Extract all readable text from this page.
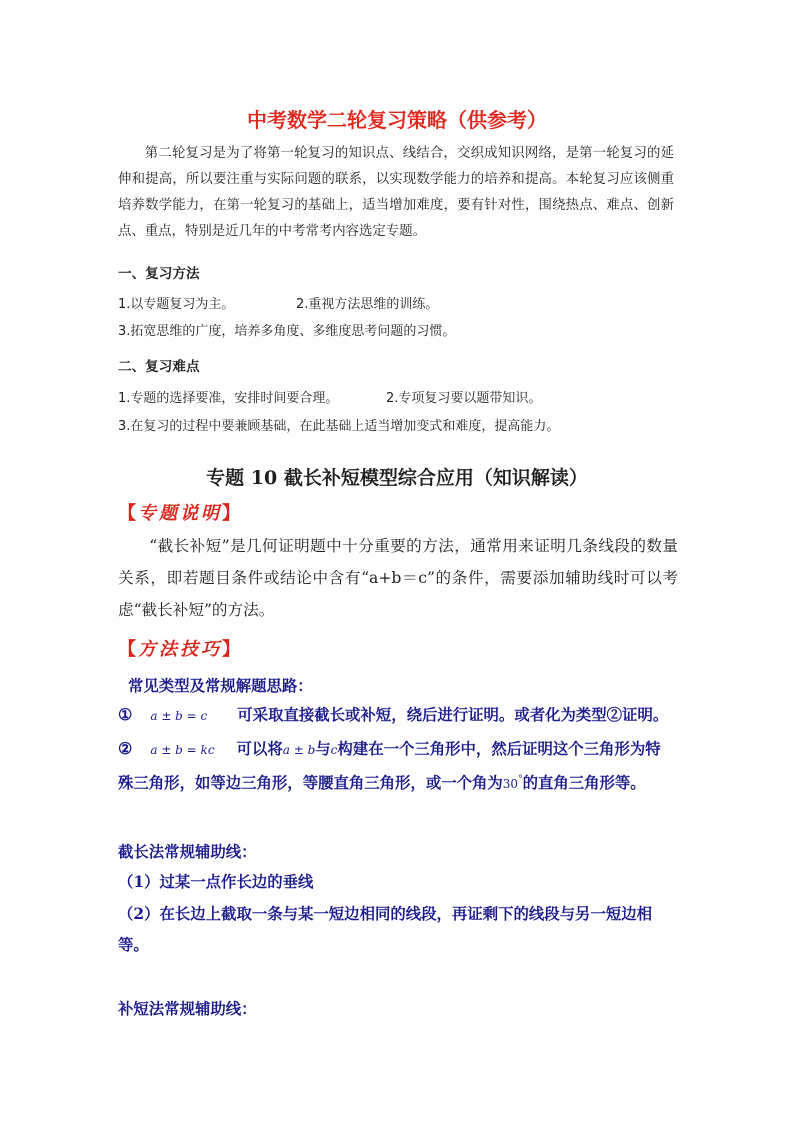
中考数学二轮复习策略（供参考）

第二轮复习是为了将第一轮复习的知识点、线结合，交织成知识网络，是第一轮复习的延伸和提高，所以要注重与实际问题的联系，以实现数学能力的培养和提高。本轮复习应该侧重培养数学能力，在第一轮复习的基础上，适当增加难度，要有针对性，围绕热点、难点、创新点、重点，特别是近几年的中考常考内容选定专题。

一、复习方法
1.以专题复习为主。	2.重视方法思维的训练。
3.拓宽思维的广度，培养多角度、多维度思考问题的习惯。
二、复习难点
1.专题的选择要准，安排时间要合理。	2.专项复习要以题带知识。
3.在复习的过程中要兼顾基础，在此基础上适当增加变式和难度，提高能力。
专题 10 截长补短模型综合应用（知识解读）
【专题说明】

“截长补短”是几何证明题中十分重要的方法，通常用来证明几条线段的数量关系，即若题目条件或结论中含有“a+b＝c”的条件，需要添加辅助线时可以考虑“截长补短”的方法。

【方法技巧】
常见类型及常规解题思路：
① a ± b = c 可采取直接截长或补短，绕后进行证明。或者化为类型②证明。
② a ± b = kc 可以将a ± b与c构建在一个三角形中，然后证明这个三角形为特
殊三角形，如等边三角形，等腰直角三角形，或一个角为30°的直角三角形等。
截长法常规辅助线：
（1）过某一点作长边的垂线
（2）在长边上截取一条与某一短边相同的线段，再证剩下的线段与另一短边相
等。
补短法常规辅助线：
